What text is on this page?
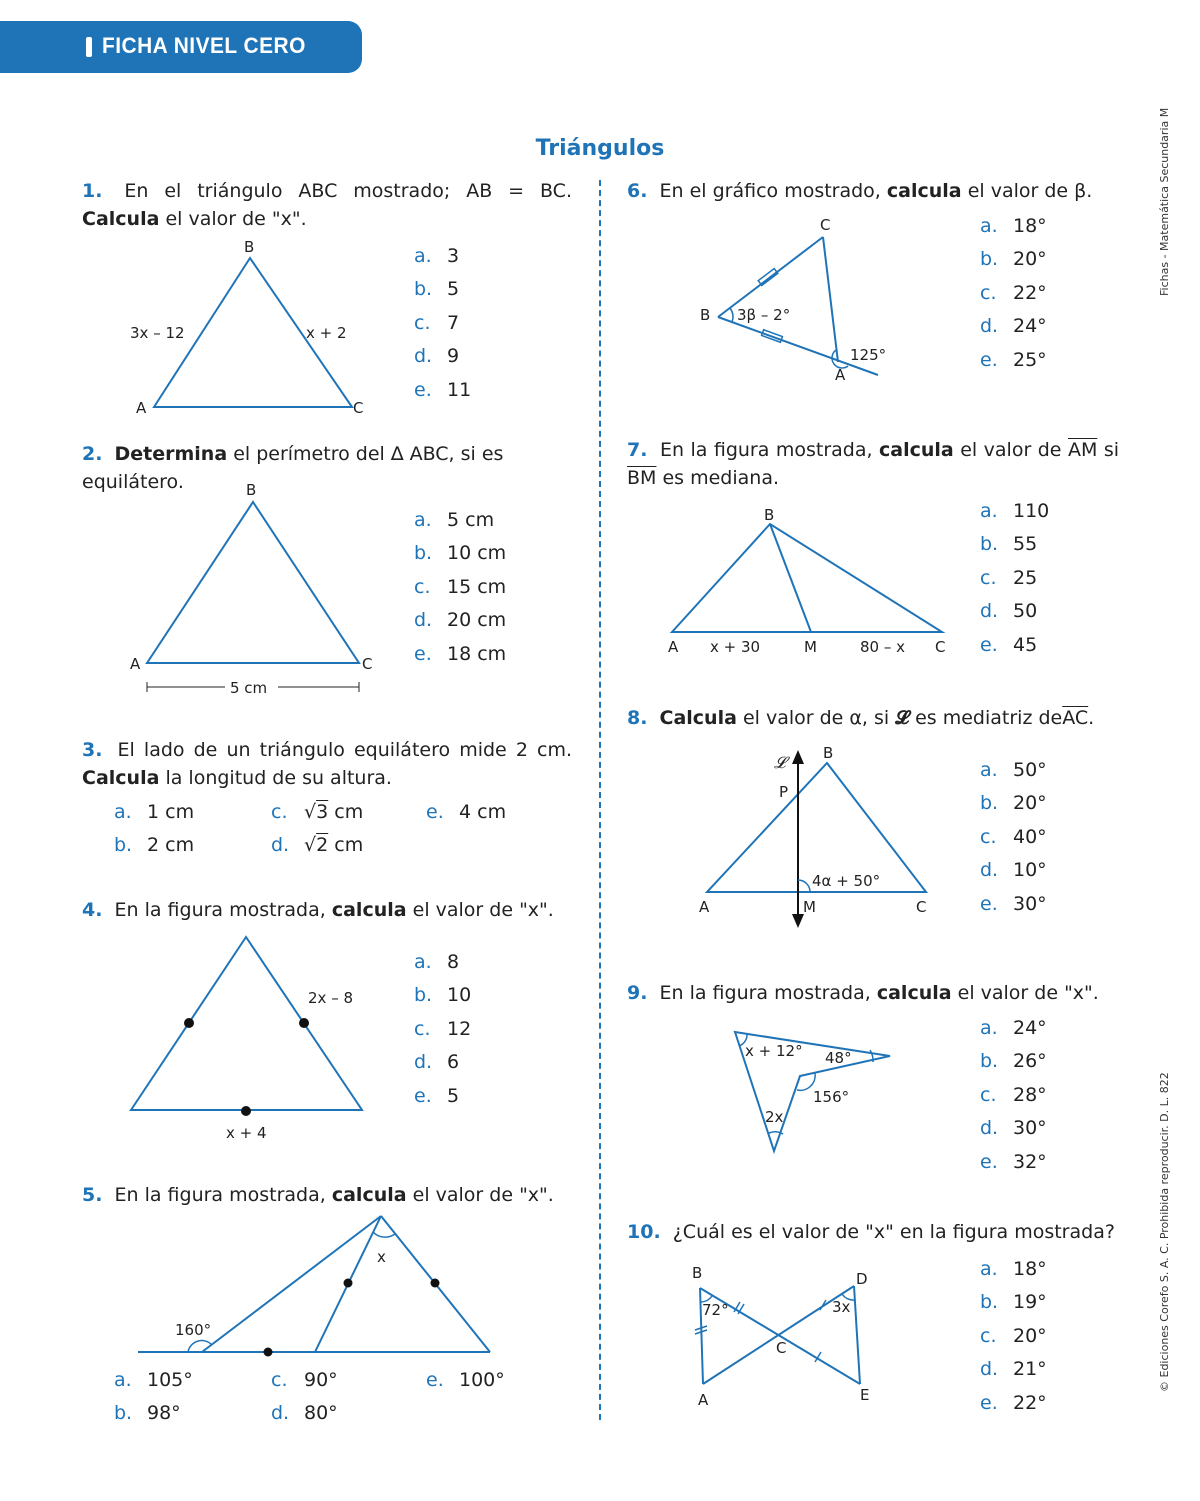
FICHA NIVEL CERO
Triángulos	Fichas - Matemática Secundaria M
© Ediciones Corefo S. A. C. Prohibida reproducir. D. L. 822
1. En el triángulo ABC mostrado; AB = BC. Calcula el valor de "x".
B
A	C
3x – 12	x + 2
a. 3
b. 5
c. 7
d. 9
e. 11
2. Determina el perímetro del ∆ ABC, si es equilátero.	B
A	C
5 cm
a. 5 cm
b. 10 cm
c. 15 cm
d. 20 cm
e. 18 cm
3. El lado de un triángulo equilátero mide 2 cm. Calcula la longitud de su altura.
a. 1 cm
b. 2 cm
c. √3 cm
d. √2 cm
e. 4 cm
4. En la figura mostrada, calcula el valor de "x".
2x – 8
x + 4
a. 8
b. 10
c. 12
d. 6
e. 5
5. En la figura mostrada, calcula el valor de "x".
160°
x
a. 105°
b. 98°
c. 90°
d. 80°
e. 100°
6. En el gráfico mostrado, calcula el valor de β.
C
B
A
3β – 2°
125°
a. 18°
b. 20°
c. 22°
d. 24°
e. 25°
7. En la figura mostrada, calcula el valor de $\overline{AM}$ si $\overline{BM}$ es mediana.
B
A	C
M
x + 30	80 – x
a. 110
b. 55
c. 25
d. 50
e. 45
8. Calcula el valor de α, si 𝓛 es mediatriz $de\overline{AC}$.
𝓛 B
P
A	C
M
4α + 50°
a. 50°
b. 20°
c. 40°
d. 10°
e. 30°
9. En la figura mostrada, calcula el valor de "x".
x + 12° 48°
156°
2x
a. 24°
b. 26°
c. 28°
d. 30°
e. 32°
10. ¿Cuál es el valor de "x" en la figura mostrada?
B
A
D
E
C
72°	3x
a. 18°
b. 19°
c. 20°
d. 21°
e. 22°
